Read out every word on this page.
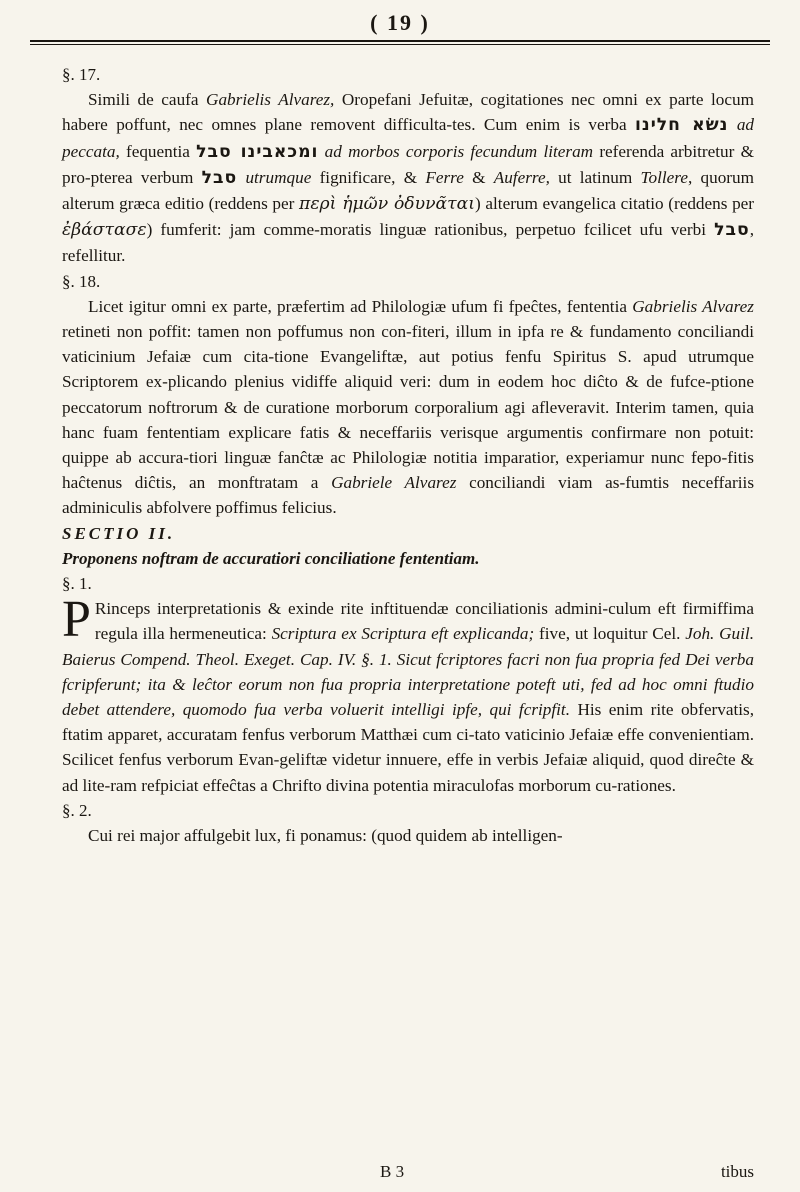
( 19 )

§. 17.

Simili de caufa Gabrielis Alvarez, Oropefani Jefuitæ, cogitationes nec omni ex parte locum habere poffunt, nec omnes plane removent difficulta-tes. Cum enim is verba נשׂא חלינו ad peccata, fequentia ומכאבינו סבל ad morbos corporis fecundum literam referenda arbitretur & pro-pterea verbum סבל utrumque fignificare, & Ferre & Auferre, ut latinum Tollere, quorum alterum græca editio (reddens per περὶ ἡμῶν ὀδυνᾶται) alterum evangelica citatio (reddens per ἐβάστασε) fumferit: jam comme-moratis linguæ rationibus, perpetuo fcilicet ufu verbi סבל, refellitur.

§. 18.

Licet igitur omni ex parte, præfertim ad Philologiæ ufum fi fpeĉtes, fententia Gabrielis Alvarez retineti non poffit: tamen non poffumus non con-fiteri, illum in ipfa re & fundamento conciliandi vaticinium Jefaiæ cum cita-tione Evangeliftæ, aut potius fenfu Spiritus S. apud utrumque Scriptorem ex-plicando plenius vidiffe aliquid veri: dum in eodem hoc diĉto & de fufce-ptione peccatorum noftrorum & de curatione morborum corporalium agi afleveravit. Interim tamen, quia hanc fuam fententiam explicare fatis & neceffariis verisque argumentis confirmare non potuit: quippe ab accura-tiori linguæ fanĉtæ ac Philologiæ notitia imparatior, experiamur nunc fepo-fitis haĉtenus diĉtis, an monftratam a Gabriele Alvarez conciliandi viam as-fumtis neceffariis adminiculis abfolvere poffimus felicius.

SECTIO II.

Proponens noftram de accuratiori conciliatione fententiam.

§. 1.

P Rinceps interpretationis & exinde rite inftituendæ conciliationis admini-culum eft firmiffima regula illa hermeneutica: Scriptura ex Scriptura eft explicanda; five, ut loquitur Cel. Joh. Guil. Baierus Compend. Theol. Exeget. Cap. IV. §. 1. Sicut fcriptores facri non fua propria fed Dei verba fcripferunt; ita & leĉtor eorum non fua propria interpretatione poteft uti, fed ad hoc omni ftudio debet attendere, quomodo fua verba voluerit intelligi ipfe, qui fcripfit. His enim rite obfervatis, ftatim apparet, accuratam fenfus verborum Matthæi cum ci-tato vaticinio Jefaiæ effe convenientiam. Scilicet fenfus verborum Evan-geliftæ videtur innuere, effe in verbis Jefaiæ aliquid, quod direĉte & ad lite-ram refpiciat effeĉtas a Chrifto divina potentia miraculofas morborum cu-rationes.

§. 2.

Cui rei major affulgebit lux, fi ponamus: (quod quidem ab intelligen-

B 3	tibus
